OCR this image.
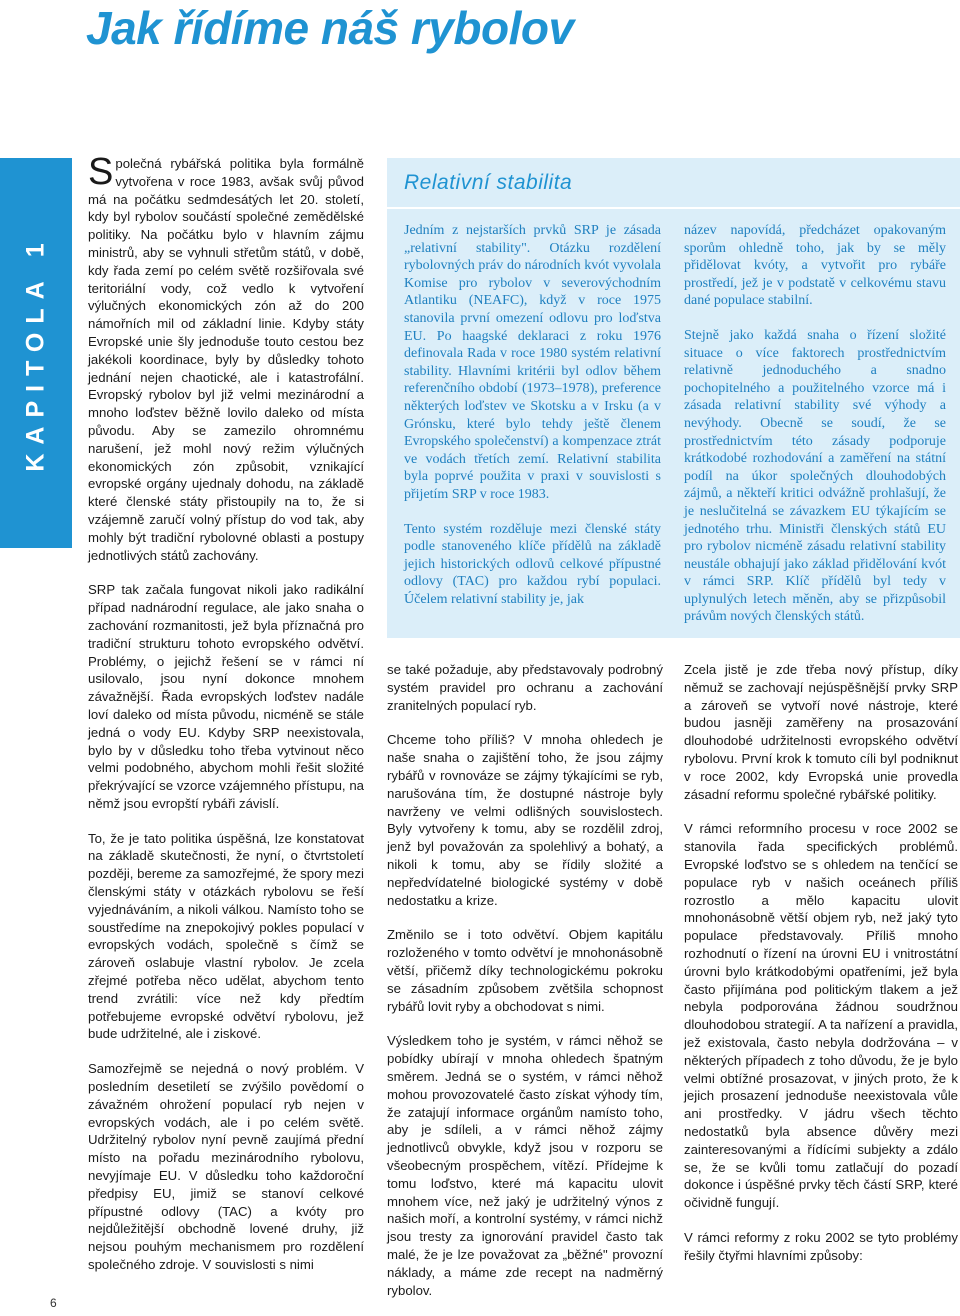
Jak řídíme náš rybolov
KAPITOLA 1

Společná rybářská politika byla formálně vytvořena v roce 1983, avšak svůj původ má na počátku sedmdesátých let 20. století, kdy byl rybolov součástí společné zemědělské politiky. Na počátku bylo v hlavním zájmu ministrů, aby se vyhnuli střetům států, v době, kdy řada zemí po celém světě rozšiřovala své teritoriální vody, což vedlo k vytvoření výlučných ekonomických zón až do 200 námořních mil od základní linie. Kdyby státy Evropské unie šly jednoduše touto cestou bez jakékoli koordinace, byly by důsledky tohoto jednání nejen chaotické, ale i katastrofální. Evropský rybolov byl již velmi mezinárodní a mnoho loďstev běžně lovilo daleko od místa původu. Aby se zamezilo ohromnému narušení, jež mohl nový režim výlučných ekonomických zón způsobit, vznikající evropské orgány ujednaly dohodu, na základě které členské státy přistoupily na to, že si vzájemně zaručí volný přístup do vod tak, aby mohly být tradiční rybolovné oblasti a postupy jednotlivých států zachovány.

SRP tak začala fungovat nikoli jako radikální případ nadnárodní regulace, ale jako snaha o zachování rozmanitosti, jež byla příznačná pro tradiční strukturu tohoto evropského odvětví. Problémy, o jejichž řešení se v rámci ní usilovalo, jsou nyní dokonce mnohem závažnější. Řada evropských loďstev nadále loví daleko od místa původu, nicméně se stále jedná o vody EU. Kdyby SRP neexistovala, bylo by v důsledku toho třeba vytvinout něco velmi podobného, abychom mohli řešit složité překrývající se vzorce vzájemného přístupu, na němž jsou evropští rybáři závislí.

To, že je tato politika úspěšná, lze konstatovat na základě skutečnosti, že nyní, o čtvrtstoletí později, bereme za samozřejmé, že spory mezi členskými státy v otázkách rybolovu se řeší vyjednáváním, a nikoli válkou. Namísto toho se soustředíme na znepokojivý pokles populací v evropských vodách, společně s čímž se zároveň oslabuje vlastní rybolov. Je zcela zřejmé potřeba něco udělat, abychom tento trend zvrátili: více než kdy předtím potřebujeme evropské odvětví rybolovu, jež bude udržitelné, ale i ziskové.

Samozřejmě se nejedná o nový problém. V posledním desetiletí se zvýšilo povědomí o závažném ohrožení populací ryb nejen v evropských vodách, ale i po celém světě. Udržitelný rybolov nyní pevně zaujímá přední místo na pořadu mezinárodního rybolovu, nevyjímaje EU. V důsledku toho každoroční předpisy EU, jimiž se stanoví celkové přípustné odlovy (TAC) a kvóty pro nejdůležitější obchodně lovené druhy, již nejsou pouhým mechanismem pro rozdělení společného zdroje. V souvislosti s nimi

Relativní stabilita

Jedním z nejstarších prvků SRP je zásada „relativní stability". Otázku rozdělení rybolovných práv do národních kvót vyvolala Komise pro rybolov v severovýchodním Atlantiku (NEAFC), když v roce 1975 stanovila první omezení odlovu pro loďstva EU. Po haagské deklaraci z roku 1976 definovala Rada v roce 1980 systém relativní stability. Hlavními kritérii byl odlov během referenčního období (1973–1978), preference některých loďstev ve Skotsku a v Irsku (a v Grónsku, které bylo tehdy ještě členem Evropského společenství) a kompenzace ztrát ve vodách třetích zemí. Relativní stabilita byla poprvé použita v praxi v souvislosti s přijetím SRP v roce 1983.

Tento systém rozděluje mezi členské státy podle stanoveného klíče přídělů na základě jejich historických odlovů celkové přípustné odlovy (TAC) pro každou rybí populaci. Účelem relativní stability je, jak

název napovídá, předcházet opakovaným sporům ohledně toho, jak by se měly přidělovat kvóty, a vytvořit pro rybáře prostředí, jež je v podstatě v celkovému stavu dané populace stabilní.

Stejně jako každá snaha o řízení složité situace o více faktorech prostřednictvím relativně jednoduchého a snadno pochopitelného a použitelného vzorce má i zásada relativní stability své výhody a nevýhody. Obecně se soudí, že se prostřednictvím této zásady podporuje krátkodobé rozhodování a zaměření na státní podíl na úkor společných dlouhodobých zájmů, a někteří kritici odvážně prohlašují, že je neslučitelná se závazkem EU týkajícím se jednotého trhu. Ministři členských států EU pro rybolov nicméně zásadu relativní stability neustále obhajují jako základ přidělování kvót v rámci SRP. Klíč přídělů byl tedy v uplynulých letech měněn, aby se přizpůsobil právům nových členských států.

se také požaduje, aby představovaly podrobný systém pravidel pro ochranu a zachování zranitelných populací ryb.

Chceme toho příliš? V mnoha ohledech je naše snaha o zajištění toho, že jsou zájmy rybářů v rovnováze se zájmy týkajícími se ryb, narušována tím, že dostupné nástroje byly navrženy ve velmi odlišných souvislostech. Byly vytvořeny k tomu, aby se rozdělil zdroj, jenž byl považován za spolehlivý a bohatý, a nikoli k tomu, aby se řídily složité a nepředvídatelné biologické systémy v době nedostatku a krize.

Změnilo se i toto odvětví. Objem kapitálu rozloženého v tomto odvětví je mnohonásobně větší, přičemž díky technologickému pokroku se zásadním způsobem zvětšila schopnost rybářů lovit ryby a obchodovat s nimi.

Výsledkem toho je systém, v rámci něhož se pobídky ubírají v mnoha ohledech špatným směrem. Jedná se o systém, v rámci něhož mohou provozovatelé často získat výhody tím, že zatajují informace orgánům namísto toho, aby je sdíleli, a v rámci něhož zájmy jednotlivců obvykle, když jsou v rozporu se všeobecným prospěchem, vítězí. Přídejme k tomu loďstvo, které má kapacitu ulovit mnohem více, než jaký je udržitelný výnos z našich moří, a kontrolní systémy, v rámci nichž jsou tresty za ignorování pravidel často tak malé, že je lze považovat za „běžné" provozní náklady, a máme zde recept na nadměrný rybolov.

Zcela jistě je zde třeba nový přístup, díky němuž se zachovají nejúspěšnější prvky SRP a zároveň se vytvoří nové nástroje, které budou jasněji zaměřeny na prosazování dlouhodobé udržitelnosti evropského odvětví rybolovu. První krok k tomuto cíli byl podniknut v roce 2002, kdy Evropská unie provedla zásadní reformu společné rybářské politiky.

V rámci reformního procesu v roce 2002 se stanovila řada specifických problémů. Evropské loďstvo se s ohledem na tenčící se populace ryb v našich oceánech příliš rozrostlo a mělo kapacitu ulovit mnohonásobně větší objem ryb, než jaký tyto populace představovaly. Příliš mnoho rozhodnutí o řízení na úrovni EU i vnitrostátní úrovni bylo krátkodobými opatřeními, jež byla často přijímána pod politickým tlakem a jež nebyla podporována žádnou soudržnou dlouhodobou strategií. A ta nařízení a pravidla, jež existovala, často nebyla dodržována – v některých případech z toho důvodu, že je bylo velmi obtížné prosazovat, v jiných proto, že k jejich prosazení jednoduše neexistovala vůle ani prostředky. V jádru všech těchto nedostatků byla absence důvěry mezi zainteresovanými a řídícími subjekty a zdálo se, že se kvůli tomu zatlačují do pozadí dokonce i úspěšné prvky těch částí SRP, které očividně fungují.

V rámci reformy z roku 2002 se tyto problémy řešily čtyřmi hlavními způsoby:

6
